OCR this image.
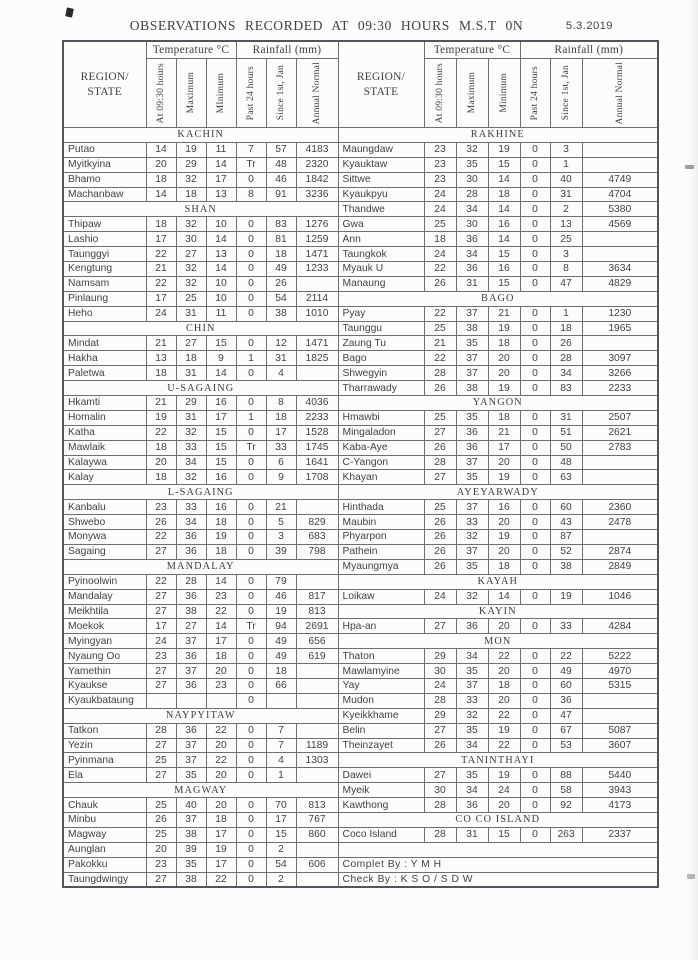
OBSERVATIONS RECORDED AT 09:30 HOURS M.S.T 0N	5.3.2019
REGION/
STATE
	Temperature °C	Rainfall (mm)	
REGION/
STATE
	Temperature °C	Rainfall (mm)

	At 09:30 hours	Maximum	MInimum	Past 24 hours	Since 1st, Jan	Annual Normal		At 09:30 hours	Maximum	Minimum	Past 24 hours	Since 1st, Jan	Annual Normal

KACHIN							RAKHINE						
Putao	14	19	11	7	57	4183	Maungdaw	23	32	19	0	3	
Myitkyina	20	29	14	Tr	48	2320	Kyauktaw	23	35	15	0	1	
Bhamo	18	32	17	0	46	1842	Sittwe	23	30	14	0	40	4749
Machanbaw	14	18	13	8	91	3236	Kyaukpyu	24	28	18	0	31	4704
SHAN							Thandwe	24	34	14	0	2	5380
Thipaw	18	32	10	0	83	1276	Gwa	25	30	16	0	13	4569
Lashio	17	30	14	0	81	1259	Ann	18	36	14	0	25	
Taunggyi	22	27	13	0	18	1471	Taungkok	24	34	15	0	3	
Kengtung	21	32	14	0	49	1233	Myauk U	22	36	16	0	8	3634
Namsam	22	32	10	0	26		Manaung	26	31	15	0	47	4829
Pinlaung	17	25	10	0	54	2114	BAGO						
Heho	24	31	11	0	38	1010	Pyay	22	37	21	0	1	1230
CHIN							Taunggu	25	38	19	0	18	1965
Mindat	21	27	15	0	12	1471	Zaung Tu	21	35	18	0	26	
Hakha	13	18	9	1	31	1825	Bago	22	37	20	0	28	3097
Paletwa	18	31	14	0	4		Shwegyin	28	37	20	0	34	3266
U-SAGAING							Tharrawady	26	38	19	0	83	2233
Hkamti	21	29	16	0	8	4036	YANGON						
Homalin	19	31	17	1	18	2233	Hmawbi	25	35	18	0	31	2507
Katha	22	32	15	0	17	1528	Mingaladon	27	36	21	0	51	2621
Mawlaik	18	33	15	Tr	33	1745	Kaba-Aye	26	36	17	0	50	2783
Kalaywa	20	34	15	0	6	1641	C-Yangon	28	37	20	0	48	
Kalay	18	32	16	0	9	1708	Khayan	27	35	19	0	63	
L-SAGAING							AYEYARWADY						
Kanbalu	23	33	16	0	21		Hinthada	25	37	16	0	60	2360
Shwebo	26	34	18	0	5	829	Maubin	26	33	20	0	43	2478
Monywa	22	36	19	0	3	683	Phyarpon	26	32	19	0	87	
Sagaing	27	36	18	0	39	798	Pathein	26	37	20	0	52	2874
MANDALAY							Myaungmya	26	35	18	0	38	2849
Pyinoolwin	22	28	14	0	79		KAYAH						
Mandalay	27	36	23	0	46	817	Loikaw	24	32	14	0	19	1046
Meikhtila	27	38	22	0	19	813	KAYIN						
Moekok	17	27	14	Tr	94	2691	Hpa-an	27	36	20	0	33	4284
Myingyan	24	37	17	0	49	656	MON						
Nyaung Oo	23	36	18	0	49	619	Thaton	29	34	22	0	22	5222
Yamethin	27	37	20	0	18		Mawlamyine	30	35	20	0	49	4970
Kyaukse	27	36	23	0	66		Yay	24	37	18	0	60	5315
Kyaukbataung				0			Mudon	28	33	20	0	36	
NAYPYITAW							Kyeikkhame	29	32	22	0	47	
Tatkon	28	36	22	0	7		Belin	27	35	19	0	67	5087
Yezin	27	37	20	0	7	1189	Theinzayet	26	34	22	0	53	3607
Pyinmana	25	37	22	0	4	1303	TANINTHAYI						
Ela	27	35	20	0	1		Dawei	27	35	19	0	88	5440
MAGWAY							Myeik	30	34	24	0	58	3943
Chauk	25	40	20	0	70	813	Kawthong	28	36	20	0	92	4173
Minbu	26	37	18	0	17	767	CO CO ISLAND						
Magway	25	38	17	0	15	860	Coco Island	28	31	15	0	263	2337
Aunglan	20	39	19	0	2								
Pakokku	23	35	17	0	54	606	Complet By : Y M H						
Taungdwingy	27	38	22	0	2		Check By : K S O / S D W						
